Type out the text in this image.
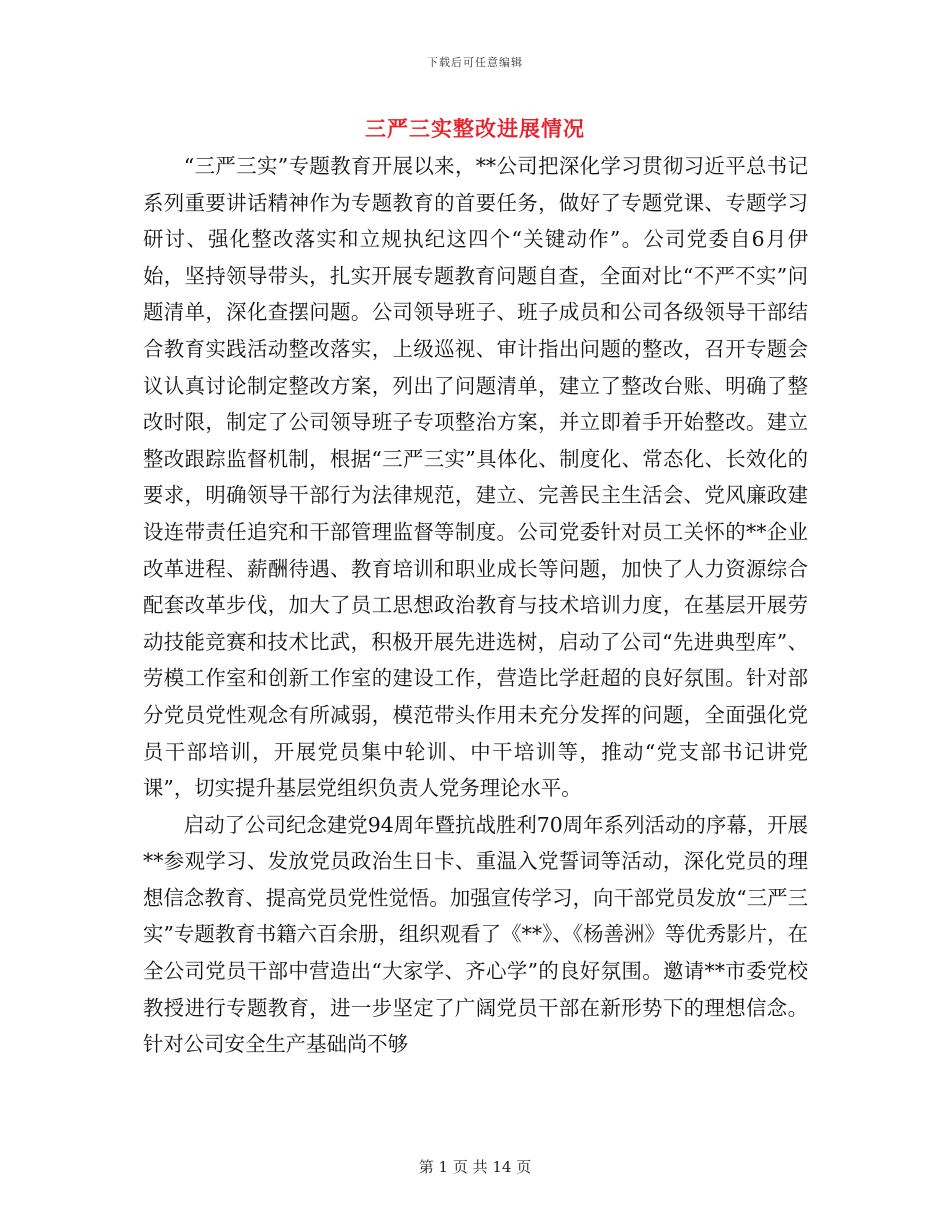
下载后可任意编辑
三严三实整改进展情况

“三严三实”专题教育开展以来，**公司把深化学习贯彻习近平总书记系列重要讲话精神作为专题教育的首要任务，做好了专题党课、专题学习研讨、强化整改落实和立规执纪这四个“关键动作”。公司党委自6月伊始，坚持领导带头，扎实开展专题教育问题自查，全面对比“不严不实”问题清单，深化查摆问题。公司领导班子、班子成员和公司各级领导干部结合教育实践活动整改落实，上级巡视、审计指出问题的整改，召开专题会议认真讨论制定整改方案，列出了问题清单，建立了整改台账、明确了整改时限，制定了公司领导班子专项整治方案，并立即着手开始整改。建立整改跟踪监督机制，根据“三严三实”具体化、制度化、常态化、长效化的要求，明确领导干部行为法律规范，建立、完善民主生活会、党风廉政建设连带责任追究和干部管理监督等制度。公司党委针对员工关怀的**企业改革进程、薪酬待遇、教育培训和职业成长等问题，加快了人力资源综合配套改革步伐，加大了员工思想政治教育与技术培训力度，在基层开展劳动技能竞赛和技术比武，积极开展先进选树，启动了公司“先进典型库”、劳模工作室和创新工作室的建设工作，营造比学赶超的良好氛围。针对部分党员党性观念有所减弱，模范带头作用未充分发挥的问题，全面强化党员干部培训，开展党员集中轮训、中干培训等，推动“党支部书记讲党课”，切实提升基层党组织负责人党务理论水平。

启动了公司纪念建党94周年暨抗战胜利70周年系列活动的序幕，开展**参观学习、发放党员政治生日卡、重温入党誓词等活动，深化党员的理想信念教育、提高党员党性觉悟。加强宣传学习，向干部党员发放“三严三实”专题教育书籍六百余册，组织观看了《**》、《杨善洲》等优秀影片，在全公司党员干部中营造出“大家学、齐心学”的良好氛围。邀请**市委党校教授进行专题教育，进一步坚定了广阔党员干部在新形势下的理想信念。针对公司安全生产基础尚不够

第 1 页 共 14 页
